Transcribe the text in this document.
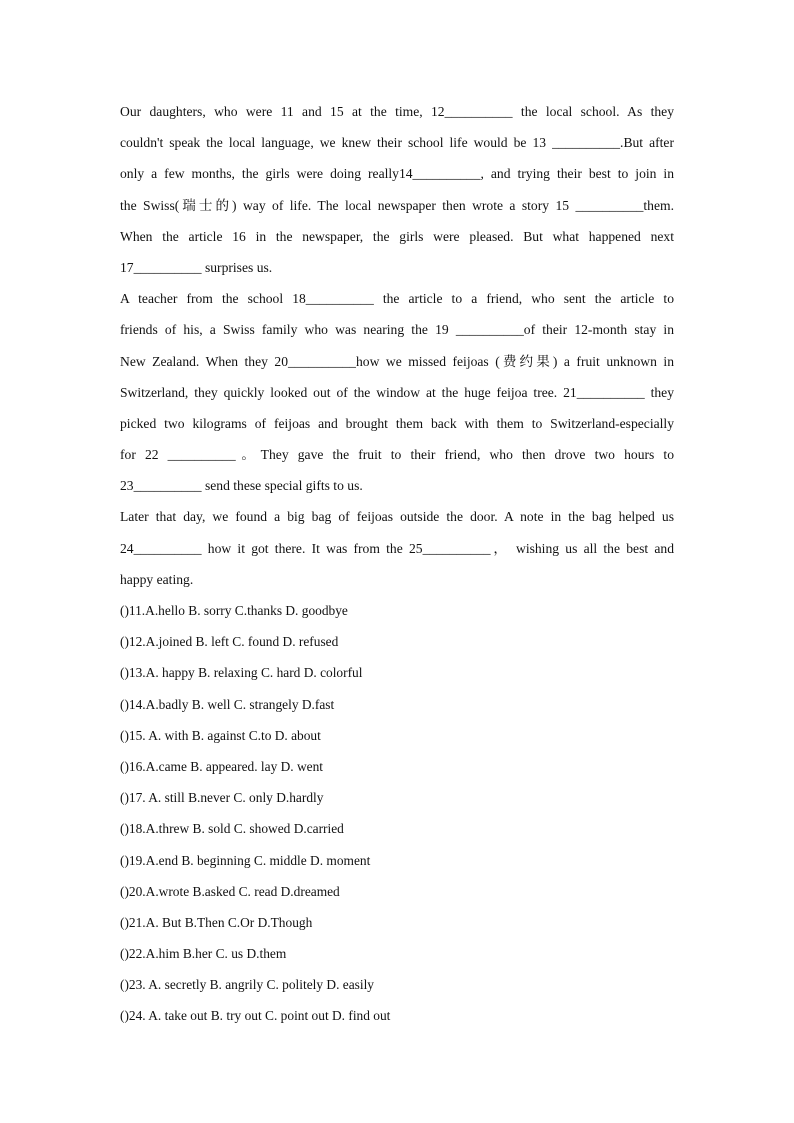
Our daughters, who were 11 and 15 at the time, 12__________ the local school. As they
couldn't speak the local language, we knew their school life would be 13 __________.But after
only a few months, the girls were doing really14__________, and trying their best to join in
the Swiss(瑞士的) way of life. The local newspaper then wrote a story 15 __________them.
When the article 16 in the newspaper, the girls were pleased. But what happened next
17__________ surprises us.
A teacher from the school 18__________ the article to a friend, who sent the article to
friends of his, a Swiss family who was nearing the 19 __________of their 12-month stay in
New Zealand. When they 20__________how we missed feijoas (费约果) a fruit unknown in
Switzerland, they quickly looked out of the window at the huge feijoa tree. 21__________ they
picked two kilograms of feijoas and brought them back with them to Switzerland-especially
for 22 __________。They gave the fruit to their friend, who then drove two hours to
23__________ send these special gifts to us.
Later that day, we found a big bag of feijoas outside the door. A note in the bag helped us
24__________ how it got there. It was from the 25__________， wishing us all the best and
happy eating.
()11.A.hello B. sorry C.thanks D. goodbye
()12.A.joined B. left C. found D. refused
()13.A. happy B. relaxing C. hard D. colorful
()14.A.badly B. well C. strangely D.fast
()15. A. with B. against C.to D. about
()16.A.came B. appeared. lay D. went
()17. A. still B.never C. only D.hardly
()18.A.threw B. sold C. showed D.carried
()19.A.end B. beginning C. middle D. moment
()20.A.wrote B.asked C. read D.dreamed
()21.A. But B.Then C.Or D.Though
()22.A.him B.her C. us D.them
()23. A. secretly B. angrily C. politely D. easily
()24. A. take out B. try out C. point out D. find out
